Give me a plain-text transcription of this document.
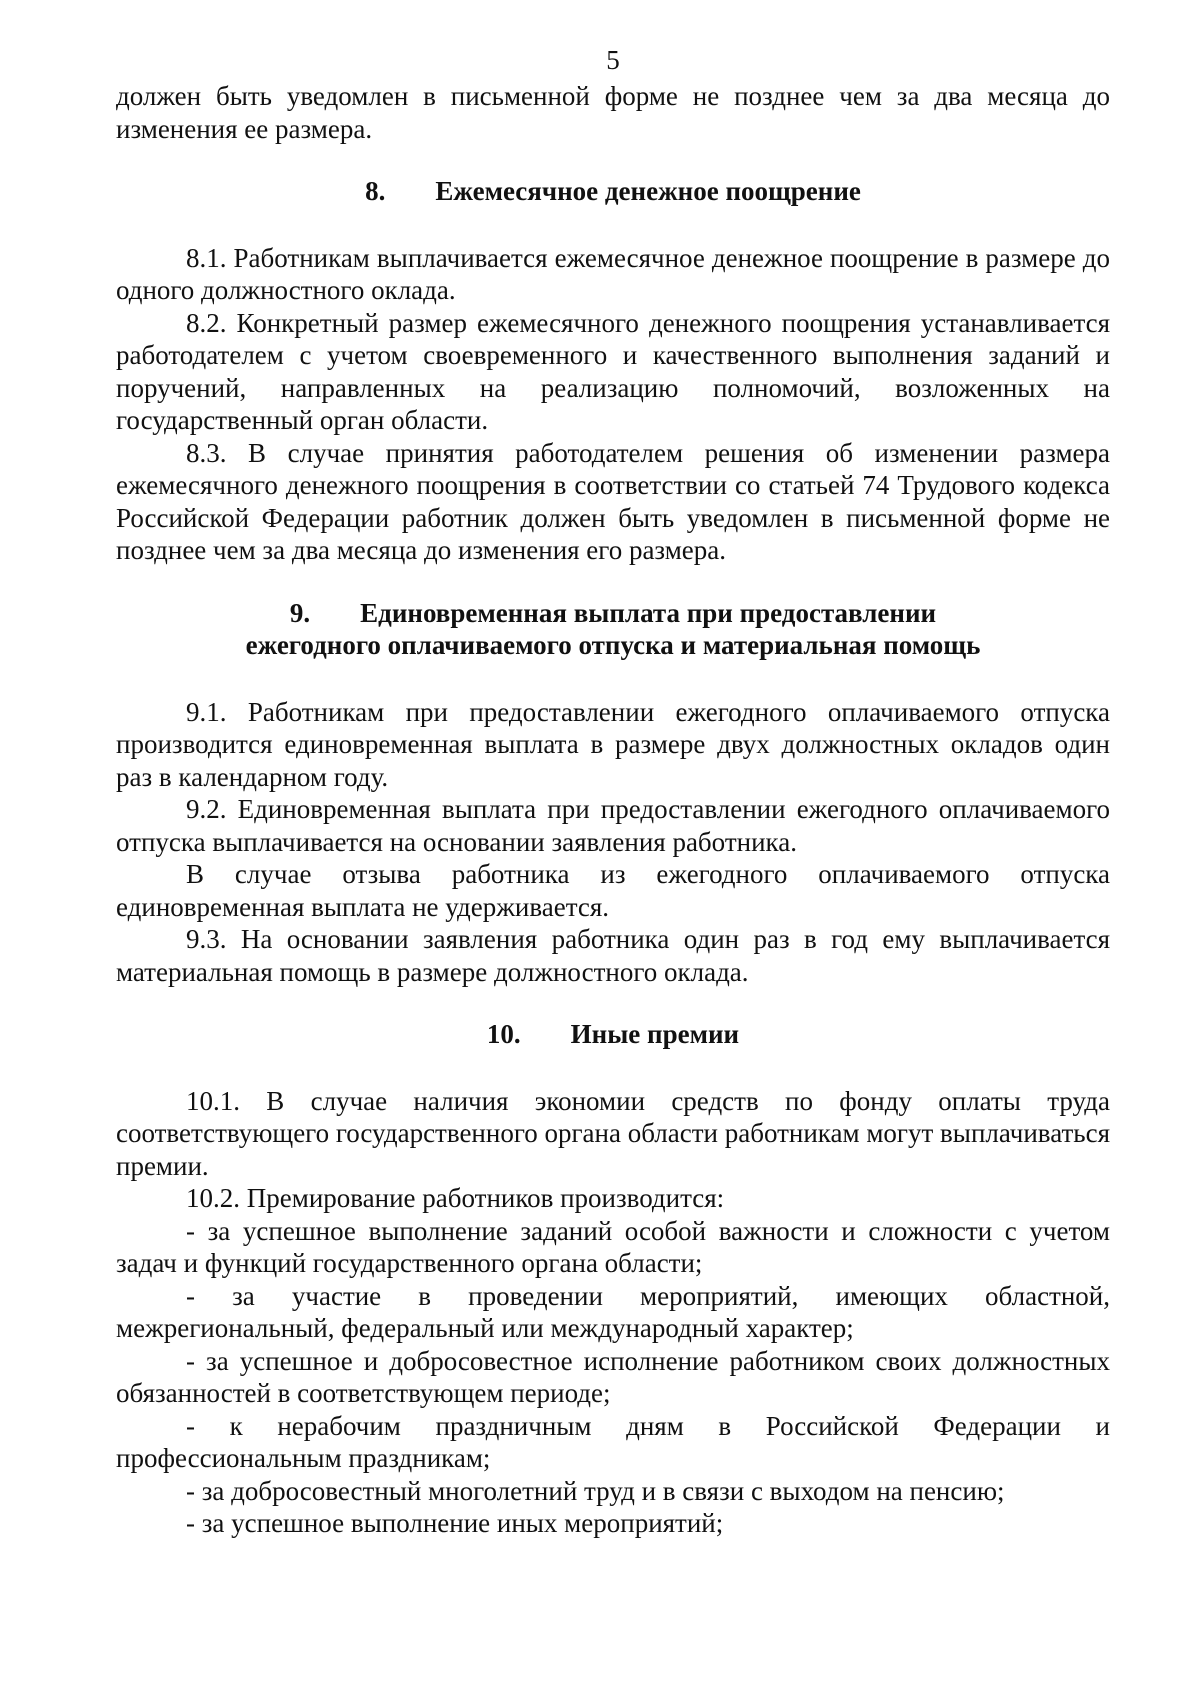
5

должен быть уведомлен в письменной форме не позднее чем за два месяца до изменения ее размера.

8. Ежемесячное денежное поощрение

8.1. Работникам выплачивается ежемесячное денежное поощрение в размере до одного должностного оклада.

8.2. Конкретный размер ежемесячного денежного поощрения устанавливается работодателем с учетом своевременного и качественного выполнения заданий и поручений, направленных на реализацию полномочий, возложенных на государственный орган области.

8.3. В случае принятия работодателем решения об изменении размера ежемесячного денежного поощрения в соответствии со статьей 74 Трудового кодекса Российской Федерации работник должен быть уведомлен в письменной форме не позднее чем за два месяца до изменения его размера.

9. Единовременная выплата при предоставлении
ежегодного оплачиваемого отпуска и материальная помощь

9.1. Работникам при предоставлении ежегодного оплачиваемого отпуска производится единовременная выплата в размере двух должностных окладов один раз в календарном году.

9.2. Единовременная выплата при предоставлении ежегодного оплачиваемого отпуска выплачивается на основании заявления работника.

В случае отзыва работника из ежегодного оплачиваемого отпуска единовременная выплата не удерживается.

9.3. На основании заявления работника один раз в год ему выплачивается материальная помощь в размере должностного оклада.

10. Иные премии

10.1. В случае наличия экономии средств по фонду оплаты труда соответствующего государственного органа области работникам могут выплачиваться премии.

10.2. Премирование работников производится:

- за успешное выполнение заданий особой важности и сложности с учетом задач и функций государственного органа области;

- за участие в проведении мероприятий, имеющих областной, межрегиональный, федеральный или международный характер;

- за успешное и добросовестное исполнение работником своих должностных обязанностей в соответствующем периоде;

- к нерабочим праздничным дням в Российской Федерации и профессиональным праздникам;

- за добросовестный многолетний труд и в связи с выходом на пенсию;

- за успешное выполнение иных мероприятий;
